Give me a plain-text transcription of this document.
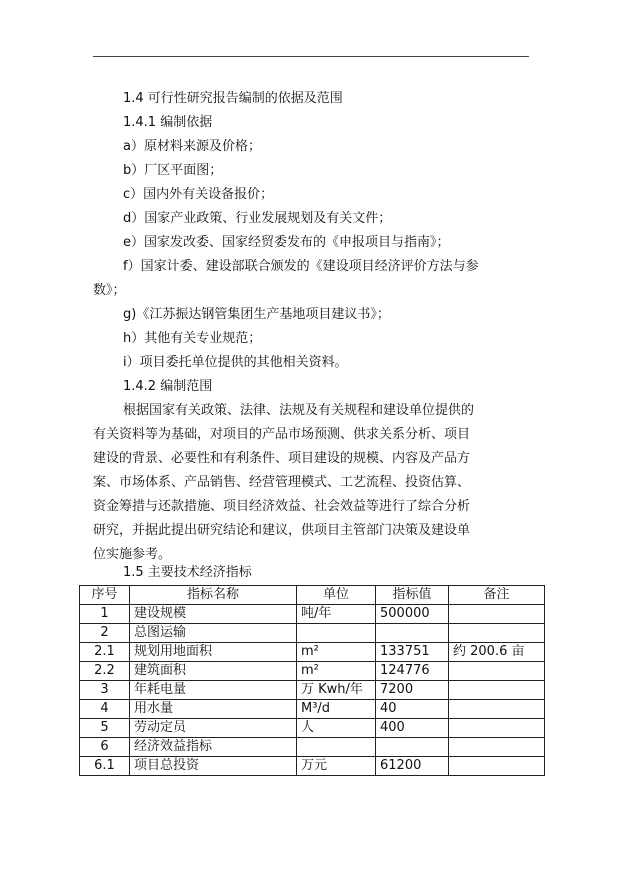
1.4 可行性研究报告编制的依据及范围
1.4.1 编制依据
a）原材料来源及价格；
b）厂区平面图；
c）国内外有关设备报价；
d）国家产业政策、行业发展规划及有关文件；
e）国家发改委、国家经贸委发布的《申报项目与指南》；
f）国家计委、建设部联合颁发的《建设项目经济评价方法与参
数》；
g)《江苏振达钢管集团生产基地项目建议书》；
h）其他有关专业规范；
i）项目委托单位提供的其他相关资料。
1.4.2 编制范围
根据国家有关政策、法律、法规及有关规程和建设单位提供的
有关资料等为基础，对项目的产品市场预测、供求关系分析、项目
建设的背景、必要性和有利条件、项目建设的规模、内容及产品方
案、市场体系、产品销售、经营管理模式、工艺流程、投资估算、
资金筹措与还款措施、项目经济效益、社会效益等进行了综合分析
研究，并据此提出研究结论和建议，供项目主管部门决策及建设单
位实施参考。
1.5 主要技术经济指标
序号	指标名称	单位	指标值	备注
1	建设规模	吨/年	500000	
2	总图运输			
2.1	规划用地面积	m²	133751	约 200.6 亩
2.2	建筑面积	m²	124776	
3	年耗电量	万 Kwh/年	7200	
4	用水量	M³/d	40	
5	劳动定员	人	400	
6	经济效益指标			
6.1	项目总投资	万元	61200	
